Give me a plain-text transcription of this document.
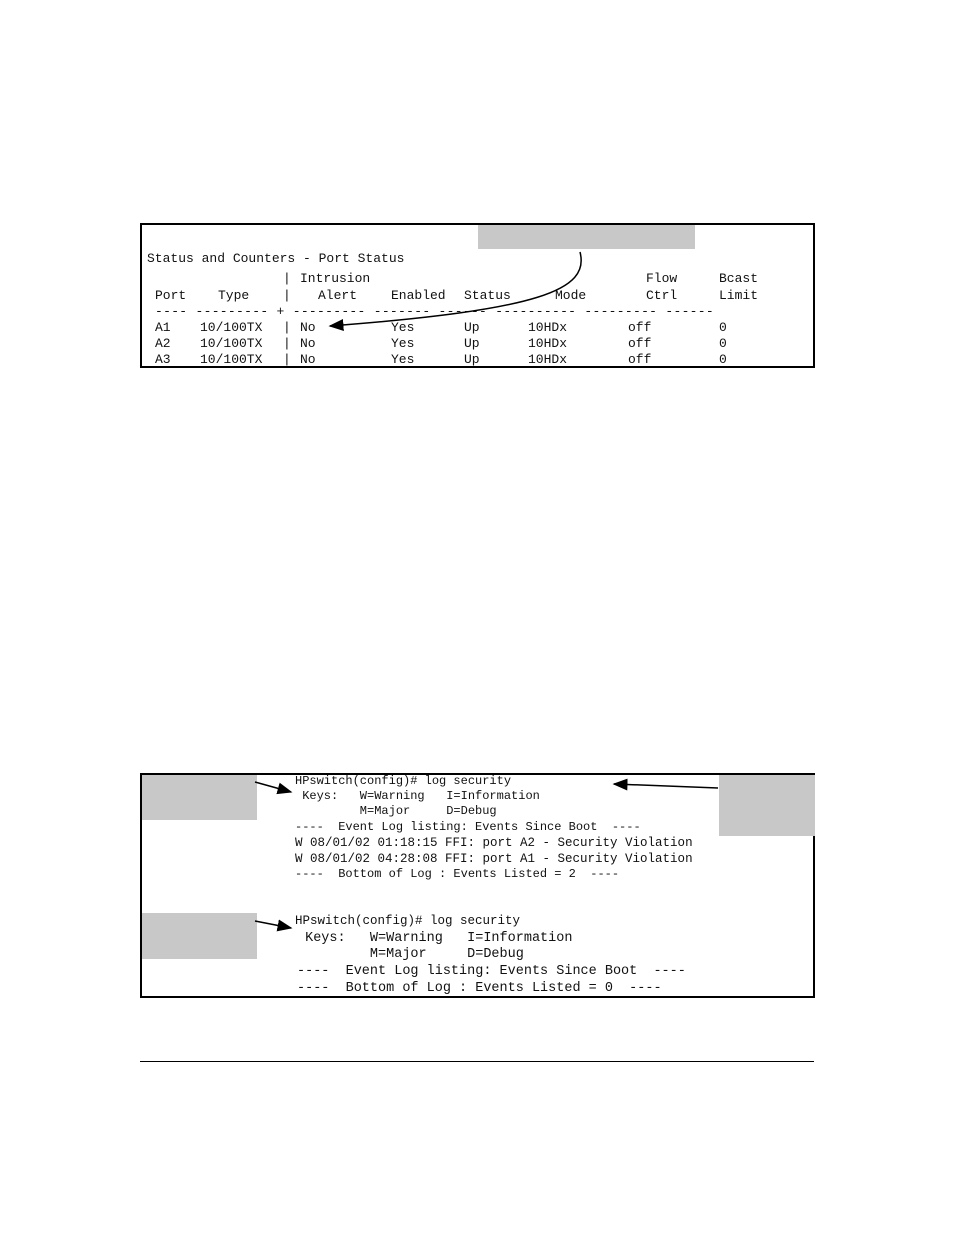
Status and Counters - Port Status
| Intrusion	Flow	Bcast
Port Type	| Alert	Enabled Status	Mode	Ctrl	Limit
---- --------- + --------- ------- ------ ---------- --------- ------
A1 10/100TX | No	Yes	Up	10HDx	off	0
A2 10/100TX | No	Yes	Up	10HDx	off	0
A3 10/100TX | No	Yes	Up	10HDx	off	0
HPswitch(config)# log security
Keys:   W=Warning   I=Information
M=Major     D=Debug
----  Event Log listing: Events Since Boot  ----
W 08/01/02 01:18:15 FFI: port A2 - Security Violation
W 08/01/02 04:28:08 FFI: port A1 - Security Violation
----  Bottom of Log : Events Listed = 2  ----
HPswitch(config)# log security
Keys:   W=Warning   I=Information
M=Major     D=Debug
----  Event Log listing: Events Since Boot  ----
----  Bottom of Log : Events Listed = 0  ----
